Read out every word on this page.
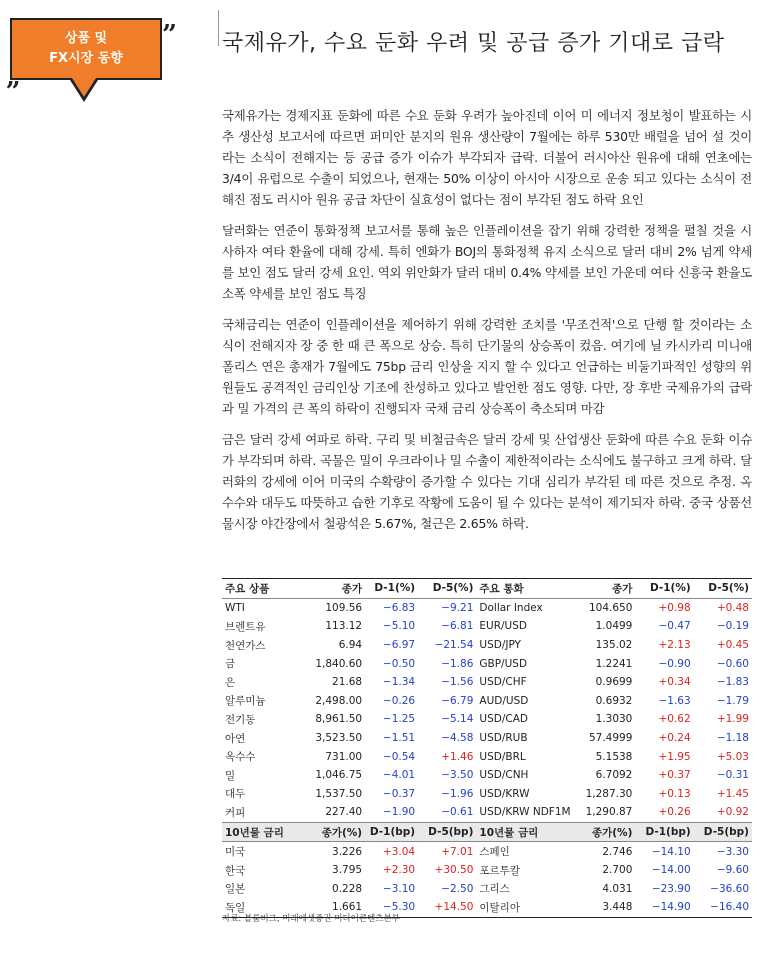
상품 및
FX시장 동향
”
„
국제유가, 수요 둔화 우려 및 공급 증가 기대로 급락

국제유가는 경제지표 둔화에 따른 수요 둔화 우려가 높아진데 이어 미 에너지 정보청이 발표하는 시추 생산성 보고서에 따르면 퍼미안 분지의 원유 생산량이 7월에는 하루 530만 배럴을 넘어 설 것이라는 소식이 전해지는 등 공급 증가 이슈가 부각되자 급락. 더불어 러시아산 원유에 대해 연초에는 3/4이 유럽으로 수출이 되었으나, 현재는 50% 이상이 아시아 시장으로 운송 되고 있다는 소식이 전해진 점도 러시아 원유 공급 차단이 실효성이 없다는 점이 부각된 점도 하락 요인

달러화는 연준이 통화정책 보고서를 통해 높은 인플레이션을 잡기 위해 강력한 정책을 펼칠 것을 시사하자 여타 환율에 대해 강세. 특히 엔화가 BOJ의 통화정책 유지 소식으로 달러 대비 2% 넘게 약세를 보인 점도 달러 강세 요인. 역외 위안화가 달러 대비 0.4% 약세를 보인 가운데 여타 신흥국 환율도 소폭 약세를 보인 점도 특징

국채금리는 연준이 인플레이션을 제어하기 위해 강력한 조치를 '무조건적'으로 단행 할 것이라는 소식이 전해지자 장 중 한 때 큰 폭으로 상승. 특히 단기물의 상승폭이 컸음. 여기에 닐 카시카리 미니애폴리스 연은 총재가 7월에도 75bp 금리 인상을 지지 할 수 있다고 언급하는 비둘기파적인 성향의 위원들도 공격적인 금리인상 기조에 찬성하고 있다고 발언한 점도 영향. 다만, 장 후반 국제유가의 급락과 밀 가격의 큰 폭의 하락이 진행되자 국채 금리 상승폭이 축소되며 마감

금은 달러 강세 여파로 하락. 구리 및 비철금속은 달러 강세 및 산업생산 둔화에 따른 수요 둔화 이슈가 부각되며 하락. 곡물은 밀이 우크라이나 밀 수출이 제한적이라는 소식에도 불구하고 크게 하락. 달러화의 강세에 이어 미국의 수확량이 증가할 수 있다는 기대 심리가 부각된 데 따른 것으로 추정. 옥수수와 대두도 따뜻하고 습한 기후로 작황에 도움이 될 수 있다는 분석이 제기되자 하락. 중국 상품선물시장 야간장에서 철광석은 5.67%, 철근은 2.65% 하락.

주요 상품	종가	D-1(%)	D-5(%)	주요 통화	종가	D-1(%)	D-5(%)
WTI	109.56	−6.83	−9.21	Dollar Index	104.650	+0.98	+0.48
브렌트유	113.12	−5.10	−6.81	EUR/USD	1.0499	−0.47	−0.19
천연가스	6.94	−6.97	−21.54	USD/JPY	135.02	+2.13	+0.45
금	1,840.60	−0.50	−1.86	GBP/USD	1.2241	−0.90	−0.60
은	21.68	−1.34	−1.56	USD/CHF	0.9699	+0.34	−1.83
알루미늄	2,498.00	−0.26	−6.79	AUD/USD	0.6932	−1.63	−1.79
전기동	8,961.50	−1.25	−5.14	USD/CAD	1.3030	+0.62	+1.99
아연	3,523.50	−1.51	−4.58	USD/RUB	57.4999	+0.24	−1.18
옥수수	731.00	−0.54	+1.46	USD/BRL	5.1538	+1.95	+5.03
밀	1,046.75	−4.01	−3.50	USD/CNH	6.7092	+0.37	−0.31
대두	1,537.50	−0.37	−1.96	USD/KRW	1,287.30	+0.13	+1.45
커피	227.40	−1.90	−0.61	USD/KRW NDF1M	1,290.87	+0.26	+0.92
10년물 금리	종가(%)	D-1(bp)	D-5(bp)	10년물 금리	종가(%)	D-1(bp)	D-5(bp)
미국	3.226	+3.04	+7.01	스페인	2.746	−14.10	−3.30
한국	3.795	+2.30	+30.50	포르투칼	2.700	−14.00	−9.60
일본	0.228	−3.10	−2.50	그리스	4.031	−23.90	−36.60
독일	1.661	−5.30	+14.50	이탈리아	3.448	−14.90	−16.40
자료: 블룸버그, 미래에셋증권 미디어콘텐츠본부
